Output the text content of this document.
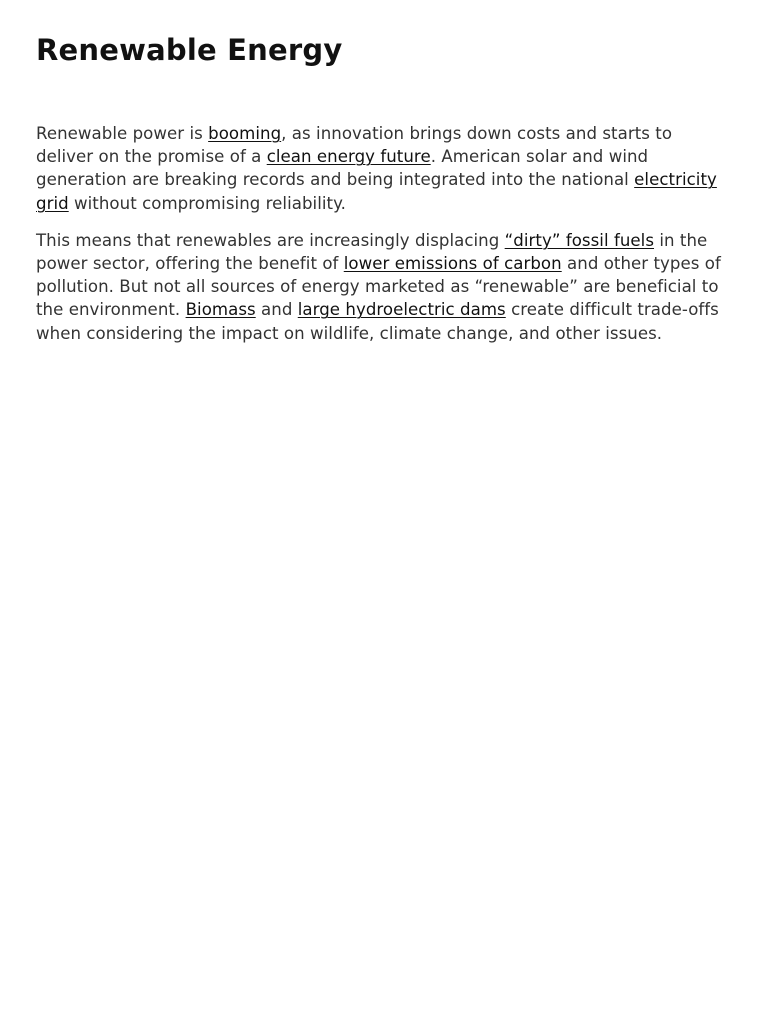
Renewable Energy

Renewable power is booming, as innovation brings down costs and starts to deliver on the promise of a clean energy future. American solar and wind generation are breaking records and being integrated into the national electricity grid without compromising reliability.

This means that renewables are increasingly displacing “dirty” fossil fuels in the power sector, offering the benefit of lower emissions of carbon and other types of pollution. But not all sources of energy marketed as “renewable” are beneficial to the environment. Biomass and large hydroelectric dams create difficult trade-offs when considering the impact on wildlife, climate change, and other issues.
